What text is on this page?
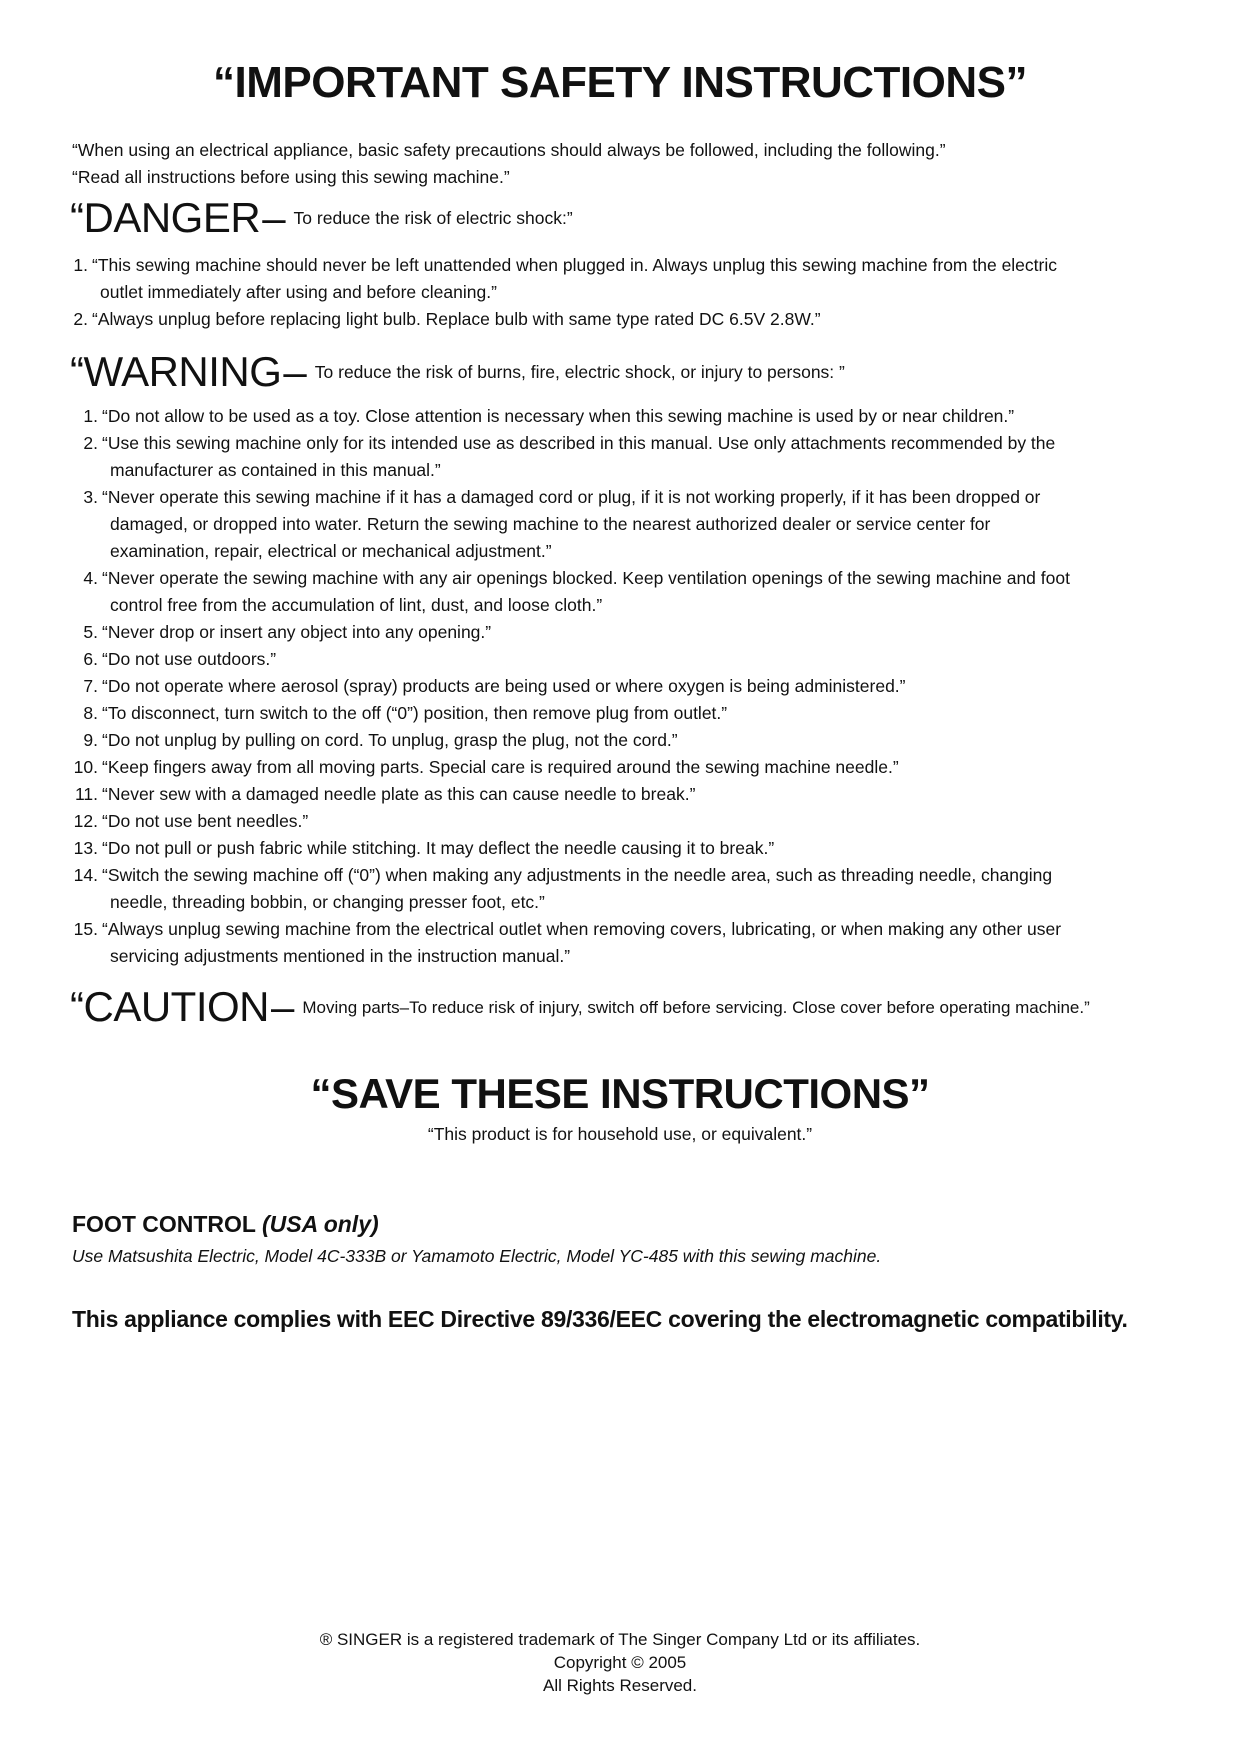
“IMPORTANT SAFETY INSTRUCTIONS”
“When using an electrical appliance, basic safety precautions should always be followed, including the following.”
“Read all instructions before using this sewing machine.”
“DANGER– To reduce the risk of electric shock:”
1. “This sewing machine should never be left unattended when plugged in. Always unplug this sewing machine from the electric
outlet immediately after using and before cleaning.”
2. “Always unplug before replacing light bulb. Replace bulb with same type rated DC 6.5V 2.8W.”
“WARNING– To reduce the risk of burns, fire, electric shock, or injury to persons: ”
1. “Do not allow to be used as a toy. Close attention is necessary when this sewing machine is used by or near children.”
2. “Use this sewing machine only for its intended use as described in this manual. Use only attachments recommended by the
manufacturer as contained in this manual.”
3. “Never operate this sewing machine if it has a damaged cord or plug, if it is not working properly, if it has been dropped or
damaged, or dropped into water. Return the sewing machine to the nearest authorized dealer or service center for
examination, repair, electrical or mechanical adjustment.”
4. “Never operate the sewing machine with any air openings blocked. Keep ventilation openings of the sewing machine and foot
control free from the accumulation of lint, dust, and loose cloth.”
5. “Never drop or insert any object into any opening.”
6. “Do not use outdoors.”
7. “Do not operate where aerosol (spray) products are being used or where oxygen is being administered.”
8. “To disconnect, turn switch to the off (“0”) position, then remove plug from outlet.”
9. “Do not unplug by pulling on cord. To unplug, grasp the plug, not the cord.”
10. “Keep fingers away from all moving parts. Special care is required around the sewing machine needle.”
11. “Never sew with a damaged needle plate as this can cause needle to break.”
12. “Do not use bent needles.”
13. “Do not pull or push fabric while stitching. It may deflect the needle causing it to break.”
14. “Switch the sewing machine off (“0”) when making any adjustments in the needle area, such as threading needle, changing
needle, threading bobbin, or changing presser foot, etc.”
15. “Always unplug sewing machine from the electrical outlet when removing covers, lubricating, or when making any other user
servicing adjustments mentioned in the instruction manual.”
“CAUTION– Moving parts–To reduce risk of injury, switch off before servicing. Close cover before operating machine.”
“SAVE THESE INSTRUCTIONS”
“This product is for household use, or equivalent.”
FOOT CONTROL (USA only)
Use Matsushita Electric, Model 4C-333B or Yamamoto Electric, Model YC-485 with this sewing machine.
This appliance complies with EEC Directive 89/336/EEC covering the electromagnetic compatibility.
® SINGER is a registered trademark of The Singer Company Ltd or its affiliates.
Copyright © 2005
All Rights Reserved.
